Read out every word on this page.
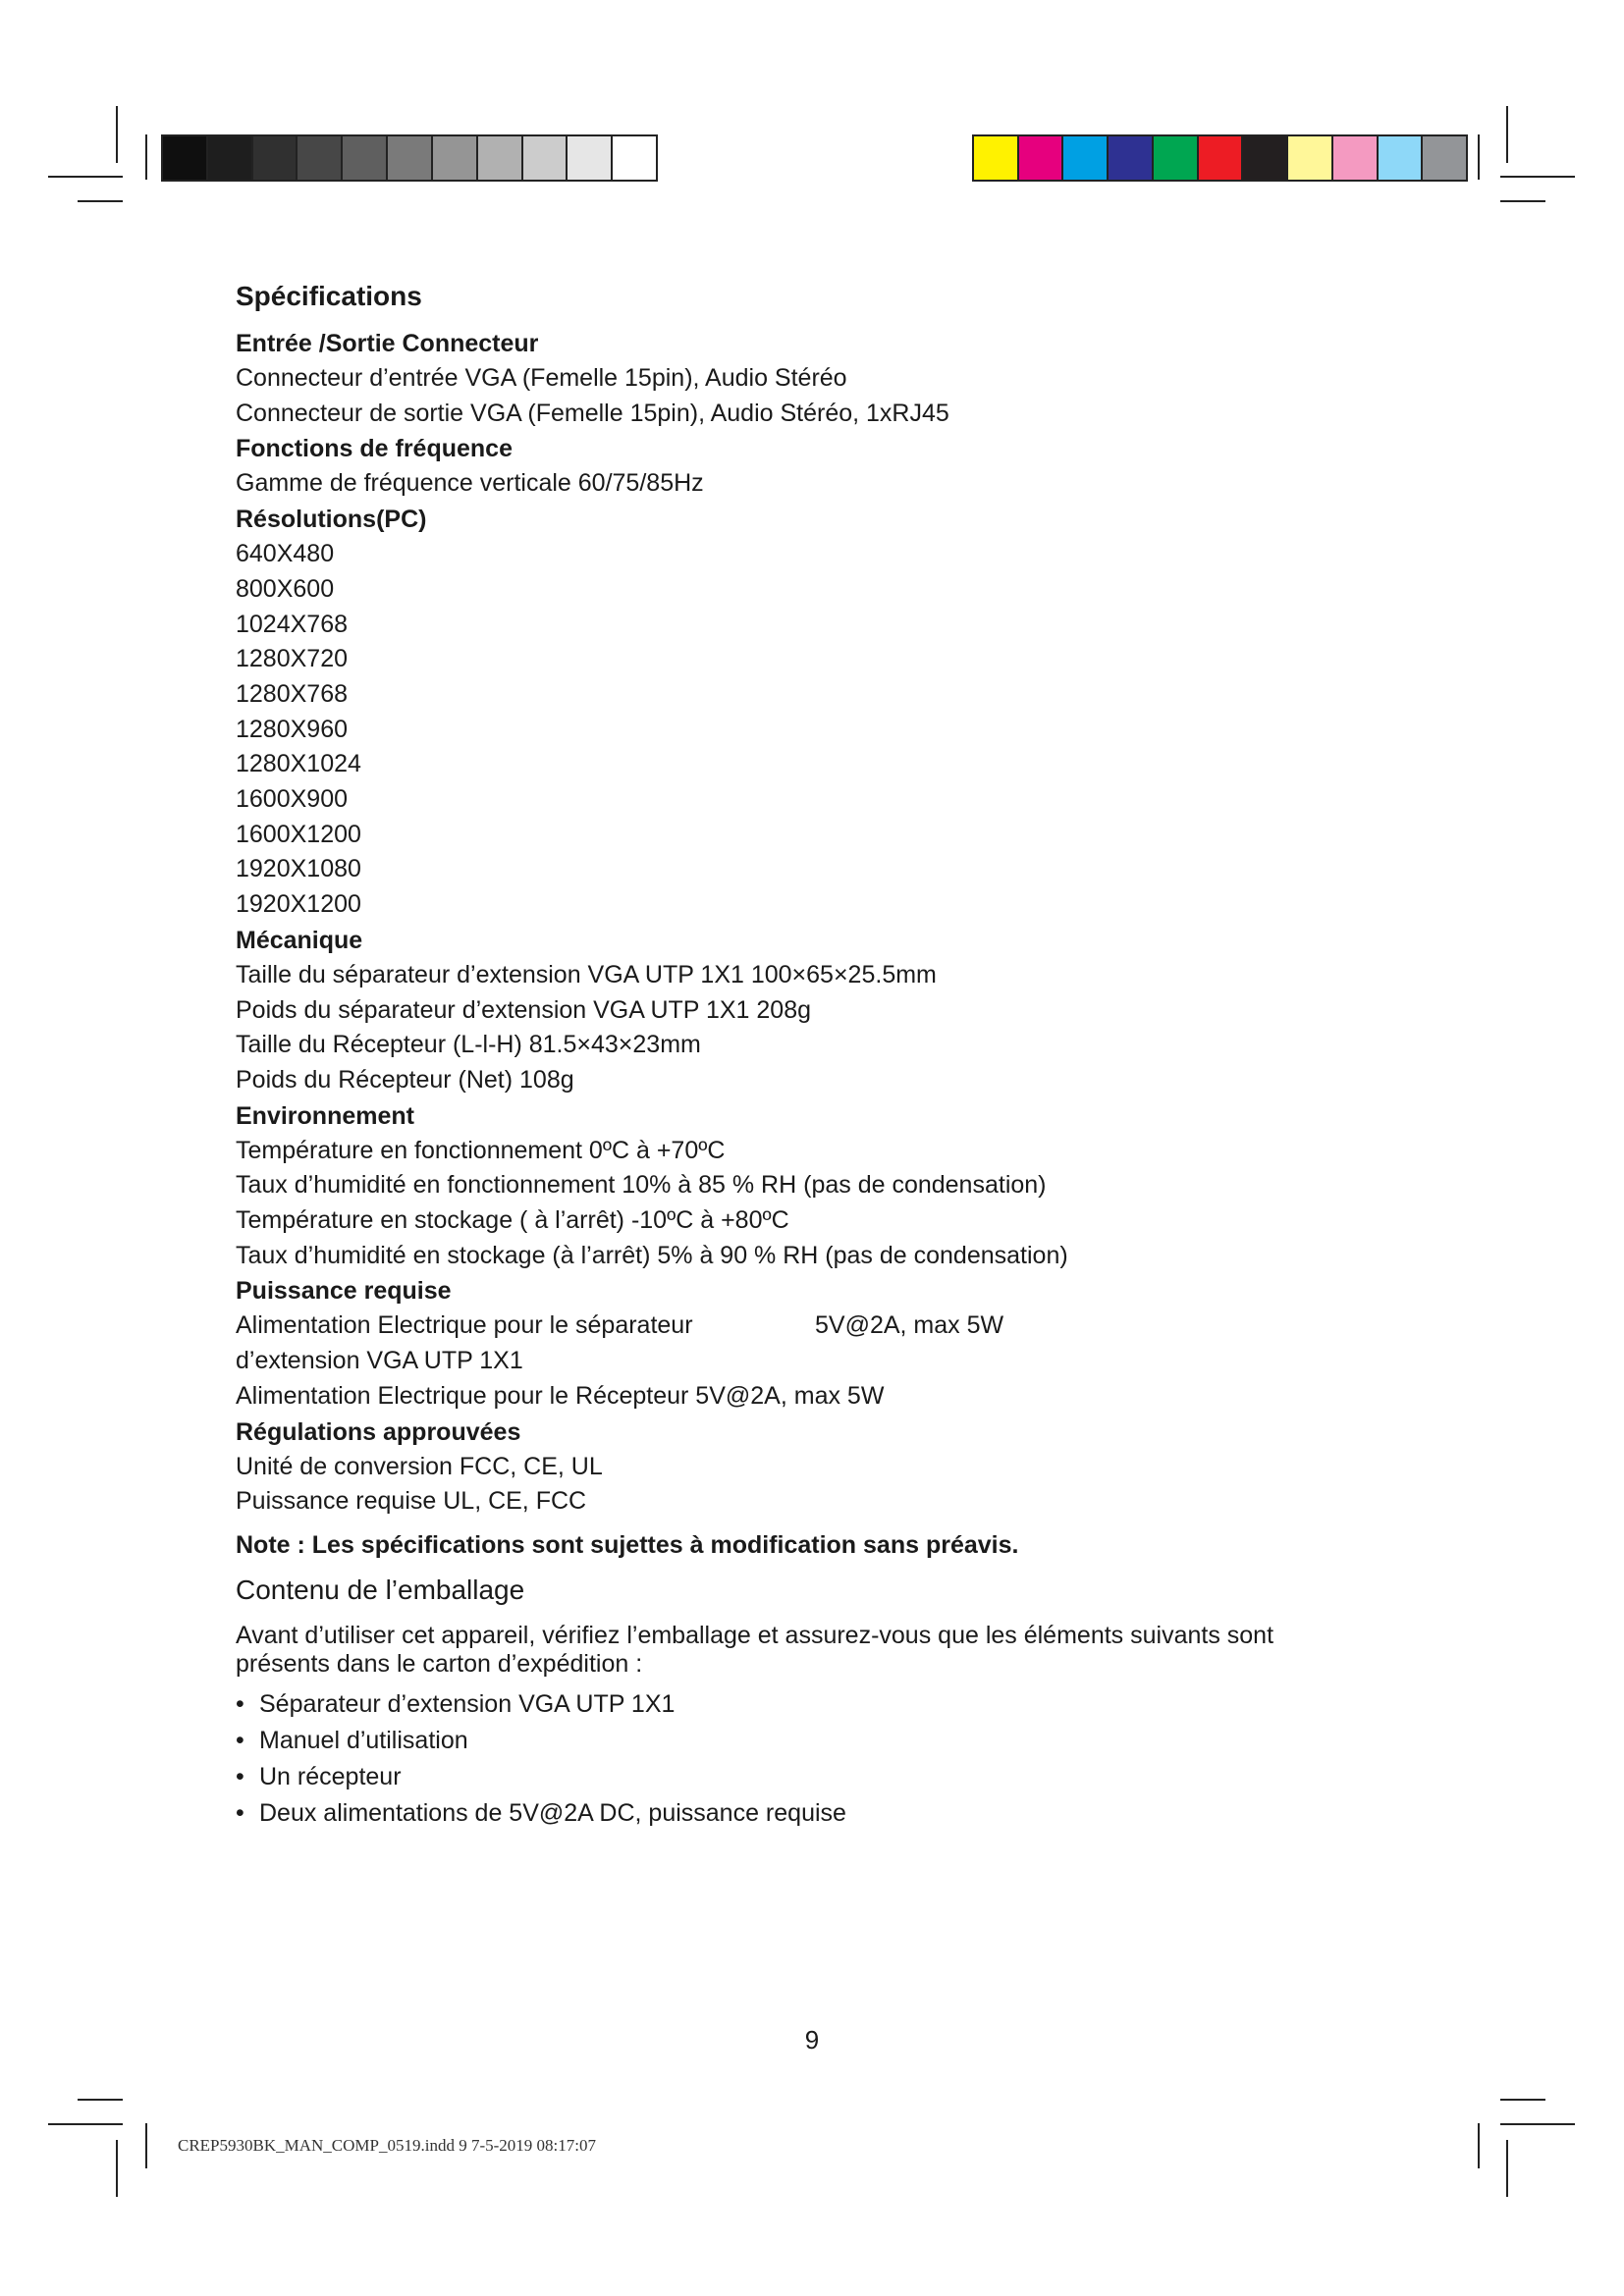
Spécifications
Entrée /Sortie Connecteur
Connecteur d’entrée VGA (Femelle 15pin), Audio Stéréo
Connecteur de sortie VGA (Femelle 15pin), Audio Stéréo, 1xRJ45
Fonctions de fréquence
Gamme de fréquence verticale 60/75/85Hz
Résolutions(PC)
640X480
800X600
1024X768
1280X720
1280X768
1280X960
1280X1024
1600X900
1600X1200
1920X1080
1920X1200
Mécanique
Taille du séparateur d’extension VGA UTP 1X1 100×65×25.5mm
Poids du séparateur d’extension VGA UTP 1X1 208g
Taille du Récepteur (L-l-H) 81.5×43×23mm
Poids du Récepteur (Net) 108g
Environnement
Température en fonctionnement 0ºC à +70ºC
Taux d’humidité en fonctionnement 10% à 85 % RH (pas de condensation)
Température en stockage ( à l’arrêt) -10ºC à +80ºC
Taux d’humidité en stockage (à l’arrêt) 5% à 90 % RH (pas de condensation)
Puissance requise
Alimentation Electrique pour le séparateur	5V@2A, max 5W
d’extension VGA UTP 1X1
Alimentation Electrique pour le Récepteur 5V@2A, max 5W
Régulations approuvées
Unité de conversion FCC, CE, UL
Puissance requise UL, CE, FCC
Note : Les spécifications sont sujettes à modification sans préavis.
Contenu de l’emballage
Avant d’utiliser cet appareil, vérifiez l’emballage et assurez-vous que les éléments suivants sont présents dans le carton d’expédition :
• Séparateur d’extension VGA UTP 1X1
• Manuel d’utilisation
• Un récepteur
• Deux alimentations de 5V@2A DC, puissance requise
9
CREP5930BK_MAN_COMP_0519.indd 9 7-5-2019 08:17:07
